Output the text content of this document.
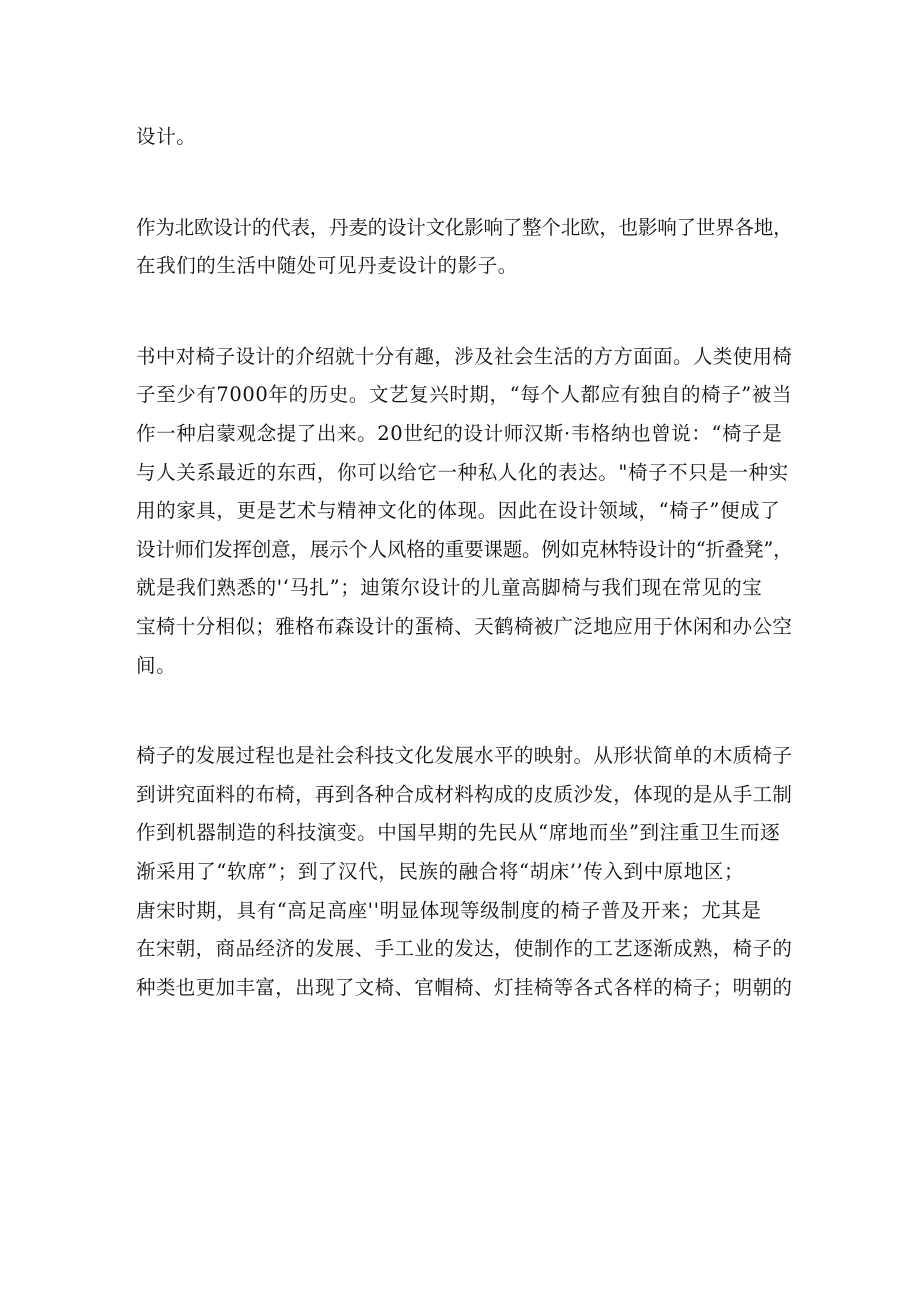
设计。
作为北欧设计的代表，丹麦的设计文化影响了整个北欧，也影响了世界各地，
在我们的生活中随处可见丹麦设计的影子。
书中对椅子设计的介绍就十分有趣，涉及社会生活的方方面面。人类使用椅
子至少有7000年的历史。文艺复兴时期，“每个人都应有独自的椅子”被当
作一种启蒙观念提了出来。20世纪的设计师汉斯·韦格纳也曾说：“椅子是
与人关系最近的东西，你可以给它一种私人化的表达。"椅子不只是一种实
用的家具，更是艺术与精神文化的体现。因此在设计领域，“椅子”便成了
设计师们发挥创意，展示个人风格的重要课题。例如克林特设计的“折叠凳”，
就是我们熟悉的'‘马扎”；迪策尔设计的儿童高脚椅与我们现在常见的宝
宝椅十分相似；雅格布森设计的蛋椅、天鹤椅被广泛地应用于休闲和办公空
间。
椅子的发展过程也是社会科技文化发展水平的映射。从形状简单的木质椅子
到讲究面料的布椅，再到各种合成材料构成的皮质沙发，体现的是从手工制
作到机器制造的科技演变。中国早期的先民从“席地而坐”到注重卫生而逐
渐采用了“软席”；到了汉代，民族的融合将“胡床’’传入到中原地区；
唐宋时期，具有“高足高座''明显体现等级制度的椅子普及开来；尤其是
在宋朝，商品经济的发展、手工业的发达，使制作的工艺逐渐成熟，椅子的
种类也更加丰富，出现了文椅、官帽椅、灯挂椅等各式各样的椅子；明朝的
